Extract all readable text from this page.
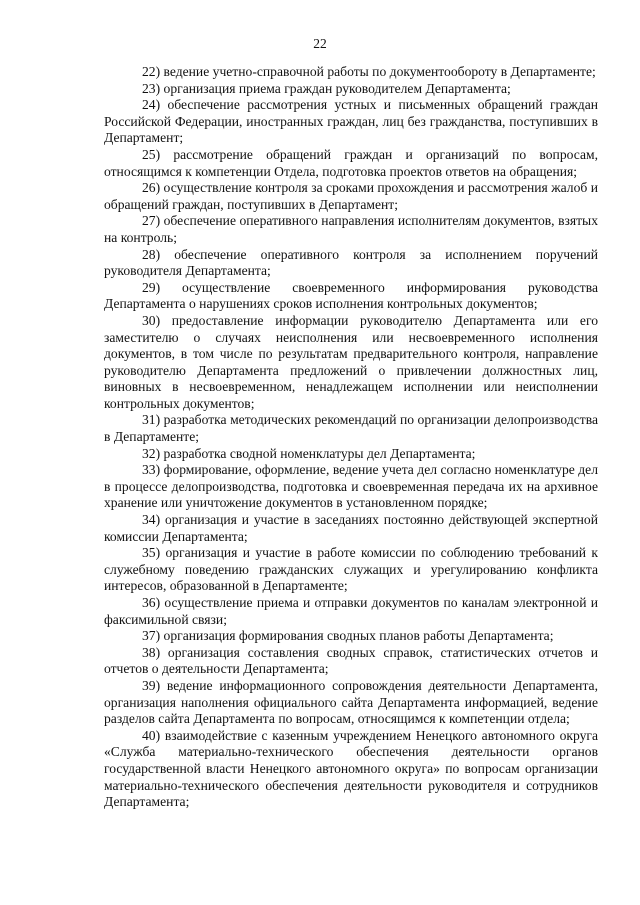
22

22) ведение учетно-справочной работы по документообороту в Департаменте;

23) организация приема граждан руководителем Департамента;

24) обеспечение рассмотрения устных и письменных обращений граждан Российской Федерации, иностранных граждан, лиц без гражданства, поступивших в Департамент;

25) рассмотрение обращений граждан и организаций по вопросам, относящимся к компетенции Отдела, подготовка проектов ответов на обращения;

26) осуществление контроля за сроками прохождения и рассмотрения жалоб и обращений граждан, поступивших в Департамент;

27) обеспечение оперативного направления исполнителям документов, взятых на контроль;

28) обеспечение оперативного контроля за исполнением поручений руководителя Департамента;

29) осуществление своевременного информирования руководства Департамента о нарушениях сроков исполнения контрольных документов;

30) предоставление информации руководителю Департамента или его заместителю о случаях неисполнения или несвоевременного исполнения документов, в том числе по результатам предварительного контроля, направление руководителю Департамента предложений о привлечении должностных лиц, виновных в несвоевременном, ненадлежащем исполнении или неисполнении контрольных документов;

31) разработка методических рекомендаций по организации делопроизводства в Департаменте;

32) разработка сводной номенклатуры дел Департамента;

33) формирование, оформление, ведение учета дел согласно номенклатуре дел в процессе делопроизводства, подготовка и своевременная передача их на архивное хранение или уничтожение документов в установленном порядке;

34) организация и участие в заседаниях постоянно действующей экспертной комиссии Департамента;

35) организация и участие в работе комиссии по соблюдению требований к служебному поведению гражданских служащих и урегулированию конфликта интересов, образованной в Департаменте;

36) осуществление приема и отправки документов по каналам электронной и факсимильной связи;

37) организация формирования сводных планов работы Департамента;

38) организация составления сводных справок, статистических отчетов и отчетов о деятельности Департамента;

39) ведение информационного сопровождения деятельности Департамента, организация наполнения официального сайта Департамента информацией, ведение разделов сайта Департамента по вопросам, относящимся к компетенции отдела;

40) взаимодействие с казенным учреждением Ненецкого автономного округа «Служба материально-технического обеспечения деятельности органов государственной власти Ненецкого автономного округа» по вопросам организации материально-технического обеспечения деятельности руководителя и сотрудников Департамента;
